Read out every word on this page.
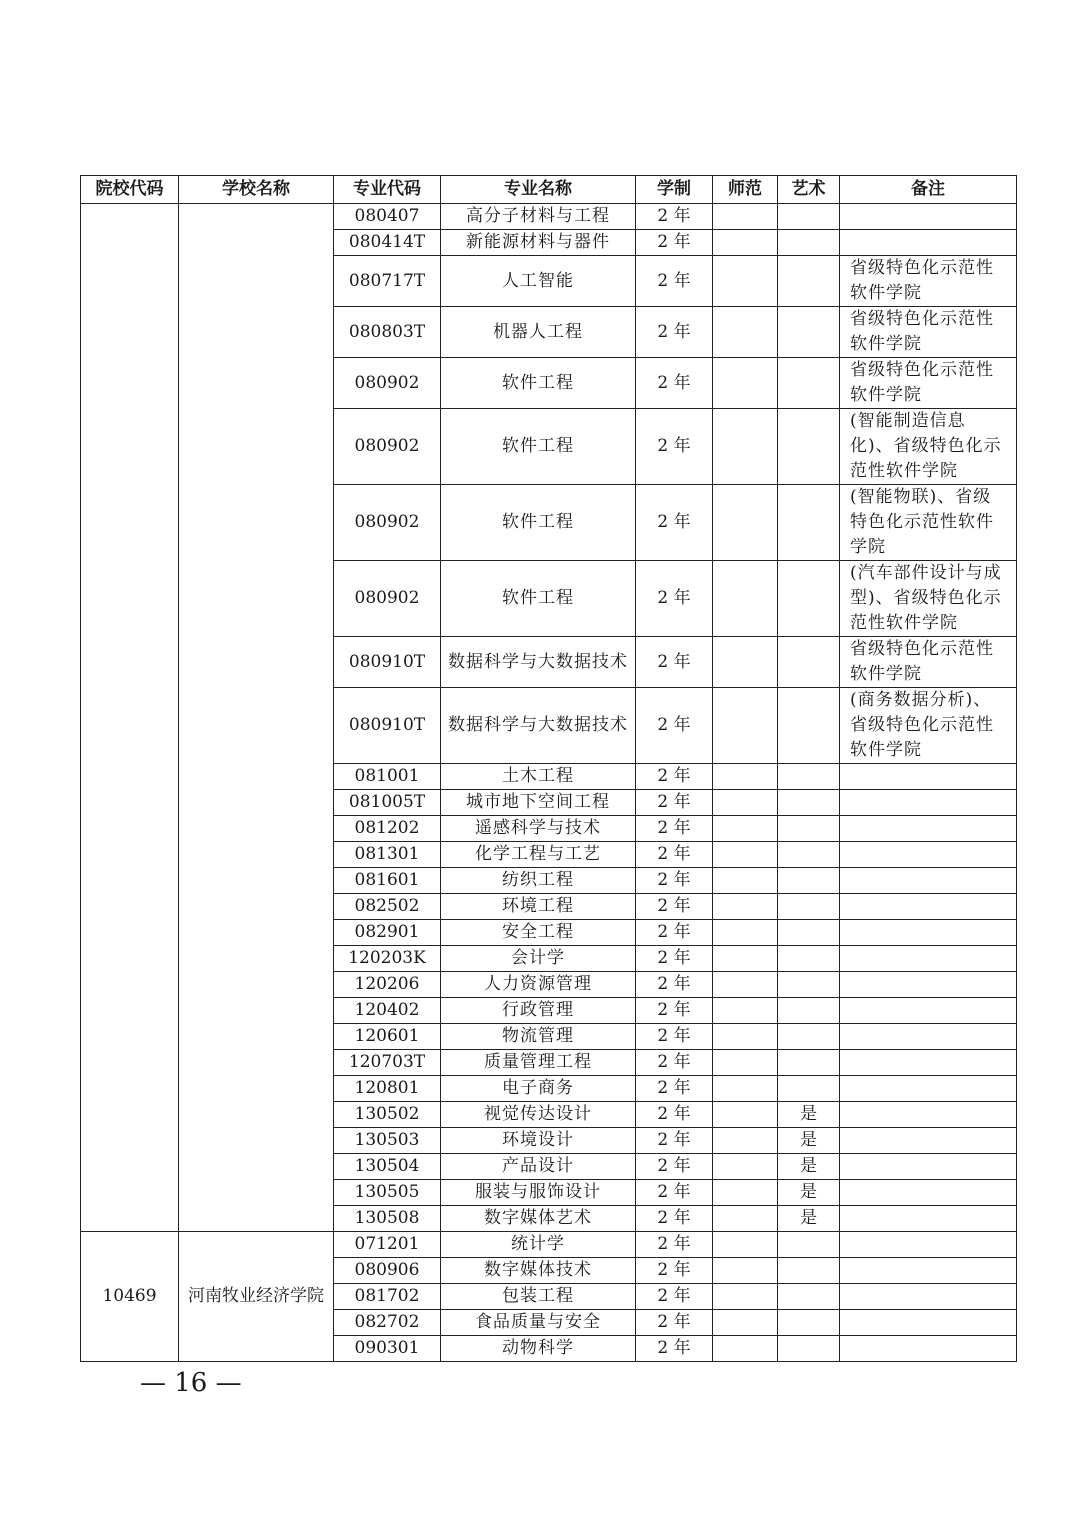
院校代码	学校名称	专业代码	专业名称	学制	师范	艺术	备注
		080407	高分子材料与工程	2 年			
		080414T	新能源材料与器件	2 年			
		080717T	人工智能	2 年			省级特色化示范性软件学院
		080803T	机器人工程	2 年			省级特色化示范性软件学院
		080902	软件工程	2 年			省级特色化示范性软件学院
		080902	软件工程	2 年			(智能制造信息化)、省级特色化示范性软件学院
		080902	软件工程	2 年			(智能物联)、省级特色化示范性软件学院
		080902	软件工程	2 年			(汽车部件设计与成型)、省级特色化示范性软件学院
		080910T	数据科学与大数据技术	2 年			省级特色化示范性软件学院
		080910T	数据科学与大数据技术	2 年			(商务数据分析)、省级特色化示范性软件学院
		081001	土木工程	2 年			
		081005T	城市地下空间工程	2 年			
		081202	遥感科学与技术	2 年			
		081301	化学工程与工艺	2 年			
		081601	纺织工程	2 年			
		082502	环境工程	2 年			
		082901	安全工程	2 年			
		120203K	会计学	2 年			
		120206	人力资源管理	2 年			
		120402	行政管理	2 年			
		120601	物流管理	2 年			
		120703T	质量管理工程	2 年			
		120801	电子商务	2 年			
		130502	视觉传达设计	2 年		是	
		130503	环境设计	2 年		是	
		130504	产品设计	2 年		是	
		130505	服装与服饰设计	2 年		是	
		130508	数字媒体艺术	2 年		是	
10469	河南牧业经济学院	071201	统计学	2 年			
		080906	数字媒体技术	2 年			
		081702	包装工程	2 年			
		082702	食品质量与安全	2 年			
		090301	动物科学	2 年			
— 16 —
